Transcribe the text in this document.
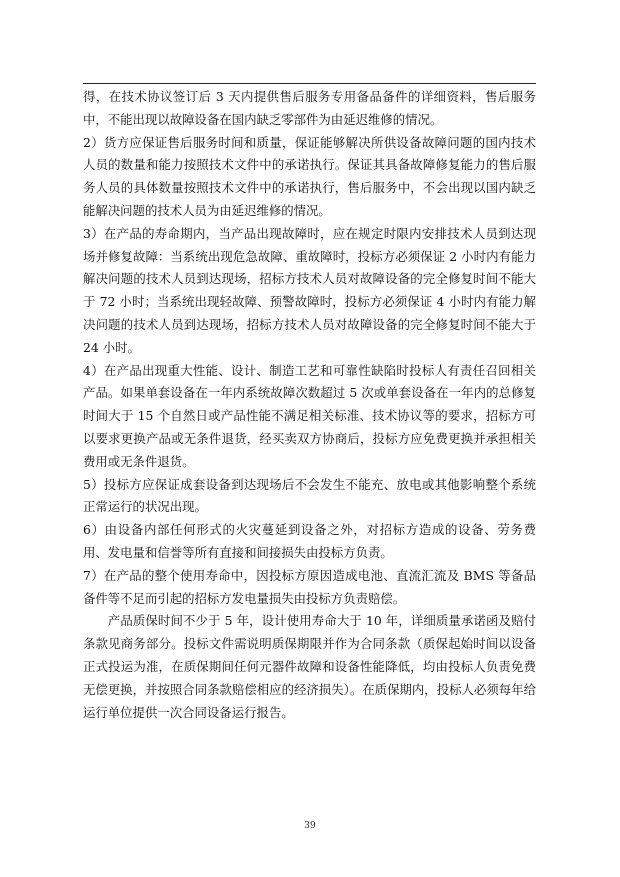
得，在技术协议签订后 3 天内提供售后服务专用备品备件的详细资料，售后服务中，不能出现以故障设备在国内缺乏零部件为由延迟维修的情况。

2）货方应保证售后服务时间和质量，保证能够解决所供设备故障问题的国内技术人员的数量和能力按照技术文件中的承诺执行。保证其具备故障修复能力的售后服务人员的具体数量按照技术文件中的承诺执行，售后服务中，不会出现以国内缺乏能解决问题的技术人员为由延迟维修的情况。

3）在产品的寿命期内，当产品出现故障时，应在规定时限内安排技术人员到达现场并修复故障：当系统出现危急故障、重故障时，投标方必须保证 2 小时内有能力解决问题的技术人员到达现场，招标方技术人员对故障设备的完全修复时间不能大于 72 小时；当系统出现轻故障、预警故障时，投标方必须保证 4 小时内有能力解决问题的技术人员到达现场，招标方技术人员对故障设备的完全修复时间不能大于 24 小时。

4）在产品出现重大性能、设计、制造工艺和可靠性缺陷时投标人有责任召回相关产品。如果单套设备在一年内系统故障次数超过 5 次或单套设备在一年内的总修复时间大于 15 个自然日或产品性能不满足相关标准、技术协议等的要求，招标方可以要求更换产品或无条件退货，经买卖双方协商后，投标方应免费更换并承担相关费用或无条件退货。

5）投标方应保证成套设备到达现场后不会发生不能充、放电或其他影响整个系统正常运行的状况出现。

6）由设备内部任何形式的火灾蔓延到设备之外，对招标方造成的设备、劳务费用、发电量和信誉等所有直接和间接损失由投标方负责。

7）在产品的整个使用寿命中，因投标方原因造成电池、直流汇流及 BMS 等备品备件等不足而引起的招标方发电量损失由投标方负责赔偿。

产品质保时间不少于 5 年，设计使用寿命大于 10 年，详细质量承诺函及赔付条款见商务部分。投标文件需说明质保期限并作为合同条款（质保起始时间以设备正式投运为准，在质保期间任何元器件故障和设备性能降低，均由投标人负责免费无偿更换，并按照合同条款赔偿相应的经济损失）。在质保期内，投标人必须每年给运行单位提供一次合同设备运行报告。

39
